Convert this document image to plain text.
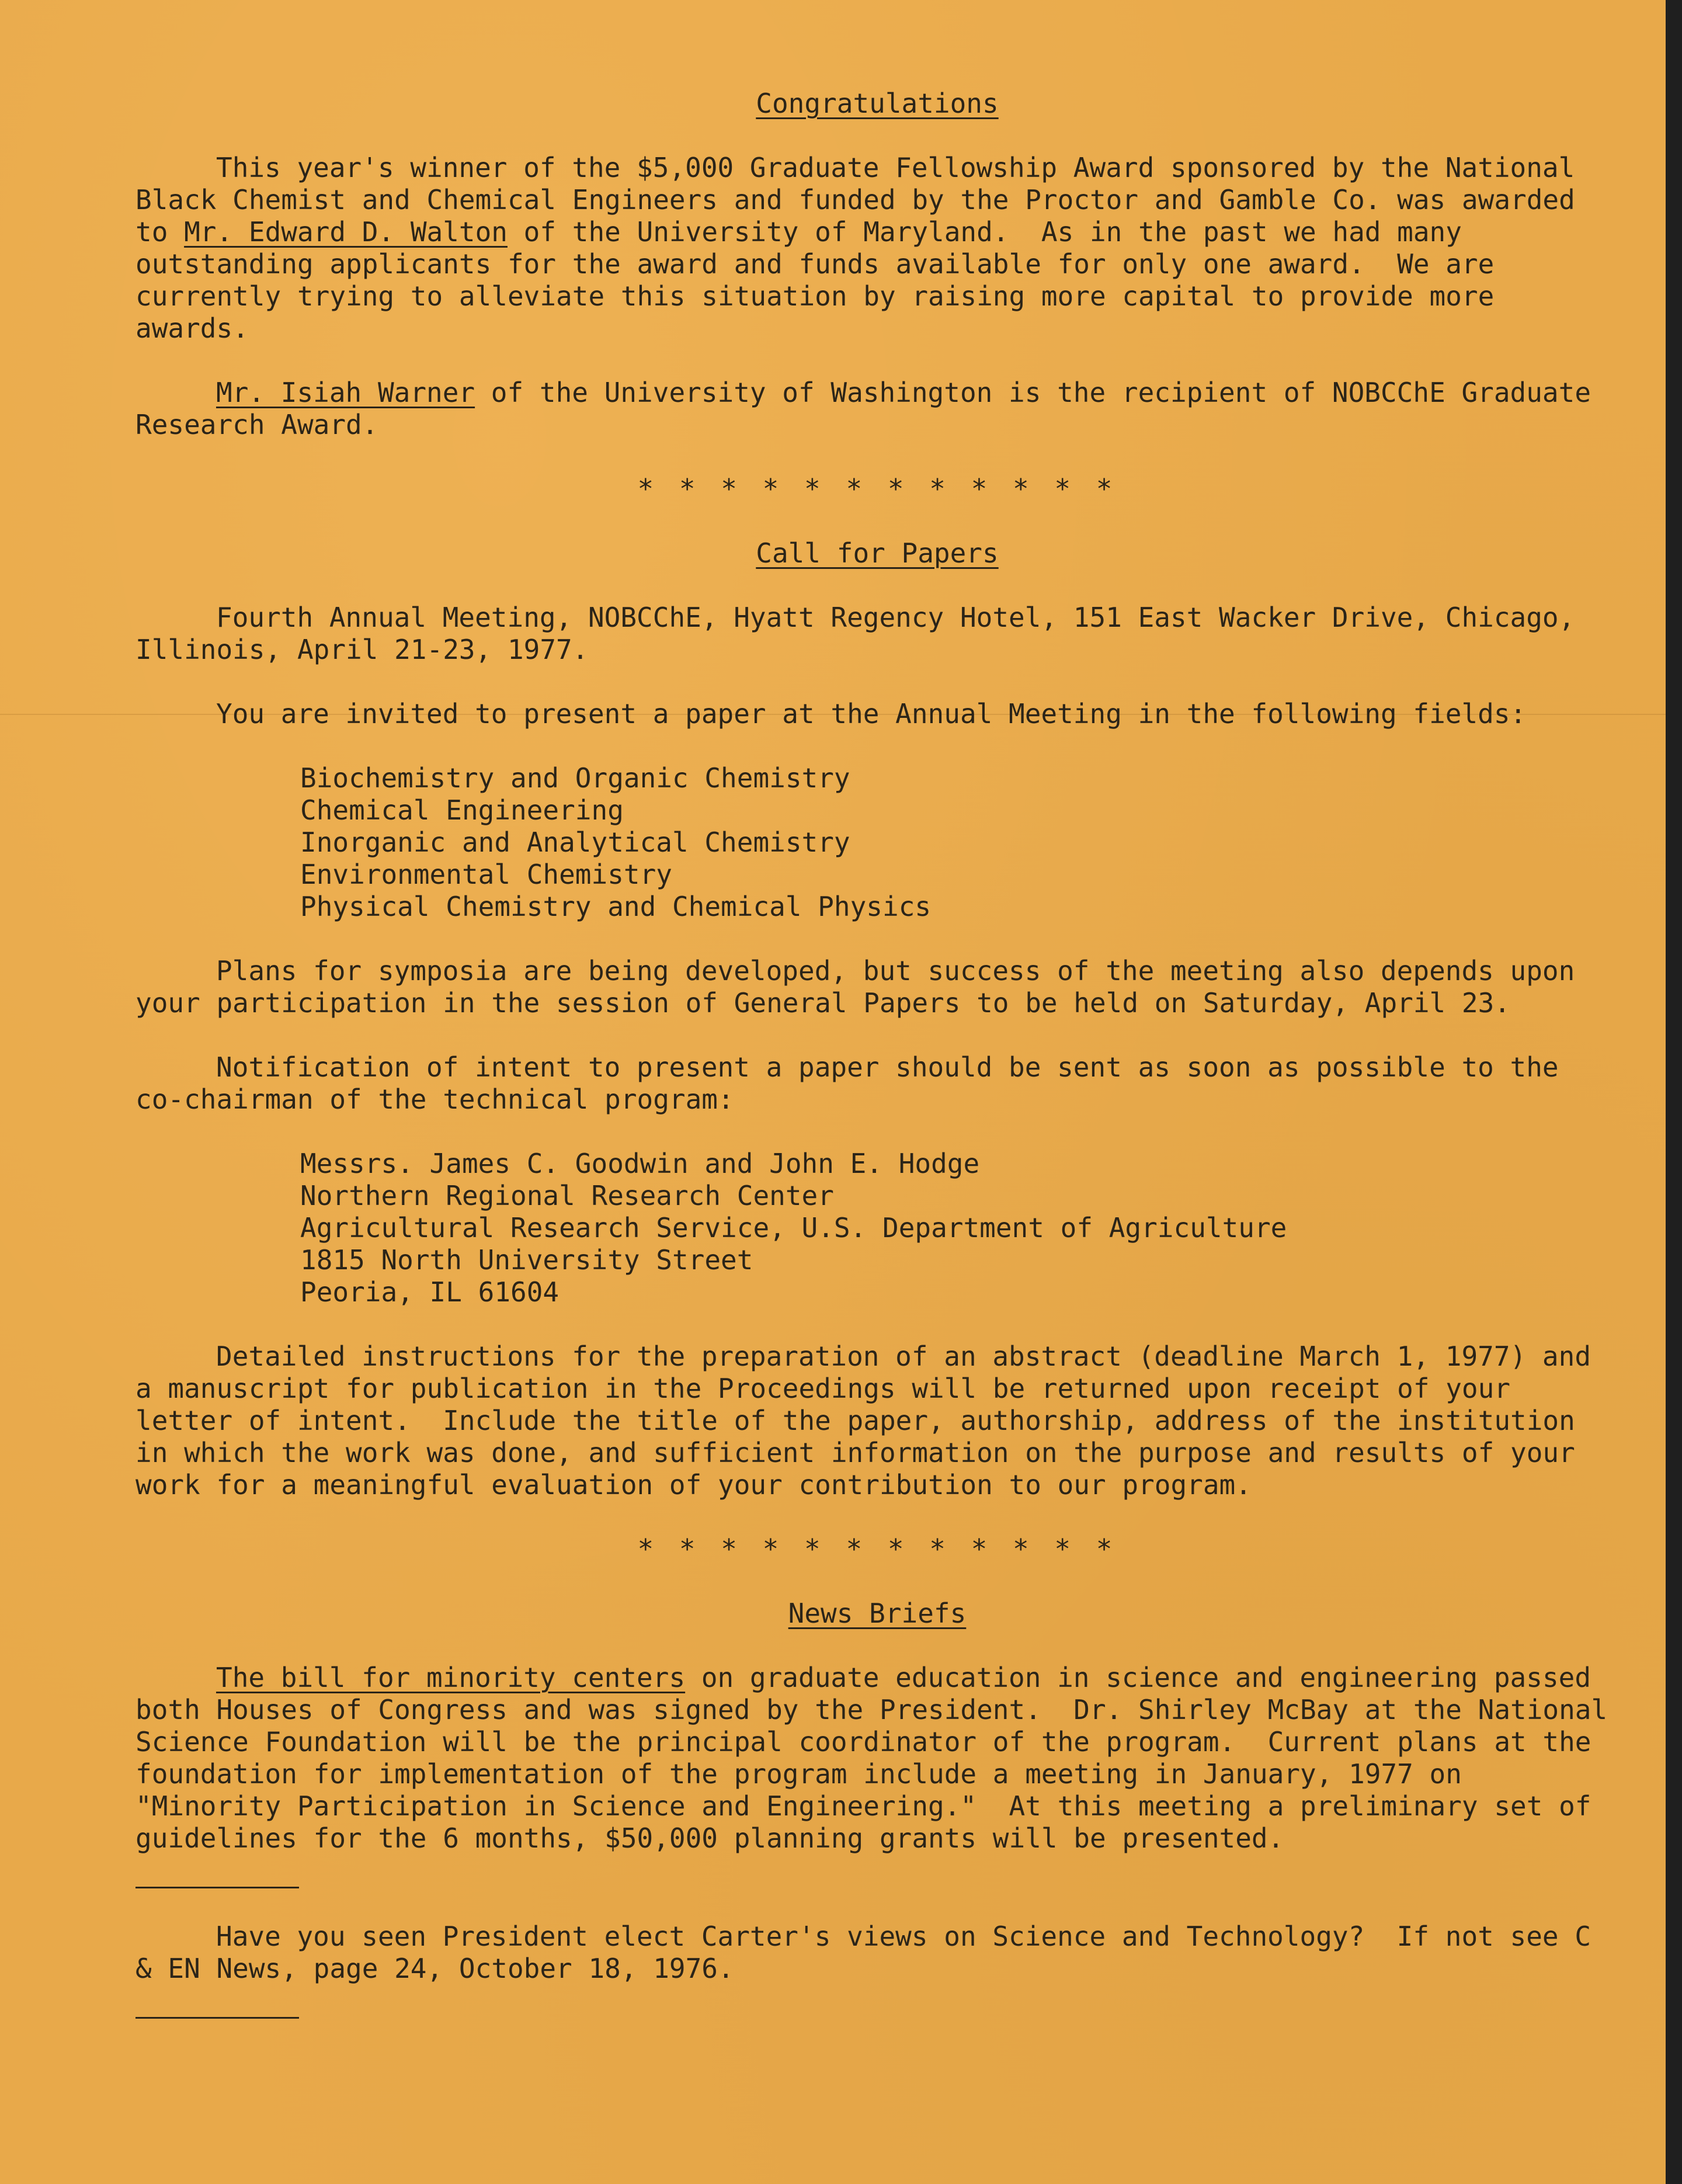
Congratulations

This year's winner of the $5,000 Graduate Fellowship Award sponsored by the National Black Chemist and Chemical Engineers and funded by the Proctor and Gamble Co. was awarded to Mr. Edward D. Walton of the University of Maryland.  As in the past we had many outstanding applicants for the award and funds available for only one award.  We are currently trying to alleviate this situation by raising more capital to provide more awards.

Mr. Isiah Warner of the University of Washington is the recipient of NOBCChE Graduate Research Award.

* * * * * * * * * * * *
Call for Papers

Fourth Annual Meeting, NOBCChE, Hyatt Regency Hotel, 151 East Wacker Drive, Chicago, Illinois, April 21-23, 1977.

You are invited to present a paper at the Annual Meeting in the following fields:

Biochemistry and Organic Chemistry
Chemical Engineering
Inorganic and Analytical Chemistry
Environmental Chemistry
Physical Chemistry and Chemical Physics

Plans for symposia are being developed, but success of the meeting also depends upon your participation in the session of General Papers to be held on Saturday, April 23.

Notification of intent to present a paper should be sent as soon as possible to the co-chairman of the technical program:

Messrs. James C. Goodwin and John E. Hodge
Northern Regional Research Center
Agricultural Research Service, U.S. Department of Agriculture
1815 North University Street
Peoria, IL 61604

Detailed instructions for the preparation of an abstract (deadline March 1, 1977) and a manuscript for publication in the Proceedings will be returned upon receipt of your letter of intent.  Include the title of the paper, authorship, address of the institution in which the work was done, and sufficient information on the purpose and results of your work for a meaningful evaluation of your contribution to our program.

* * * * * * * * * * * *
News Briefs

The bill for minority centers on graduate education in science and engineering passed both Houses of Congress and was signed by the President.  Dr. Shirley McBay at the National Science Foundation will be the principal coordinator of the program.  Current plans at the foundation for implementation of the program include a meeting in January, 1977 on "Minority Participation in Science and Engineering."  At this meeting a preliminary set of guidelines for the 6 months, $50,000 planning grants will be presented.

Have you seen President elect Carter's views on Science and Technology?  If not see C & EN News, page 24, October 18, 1976.
